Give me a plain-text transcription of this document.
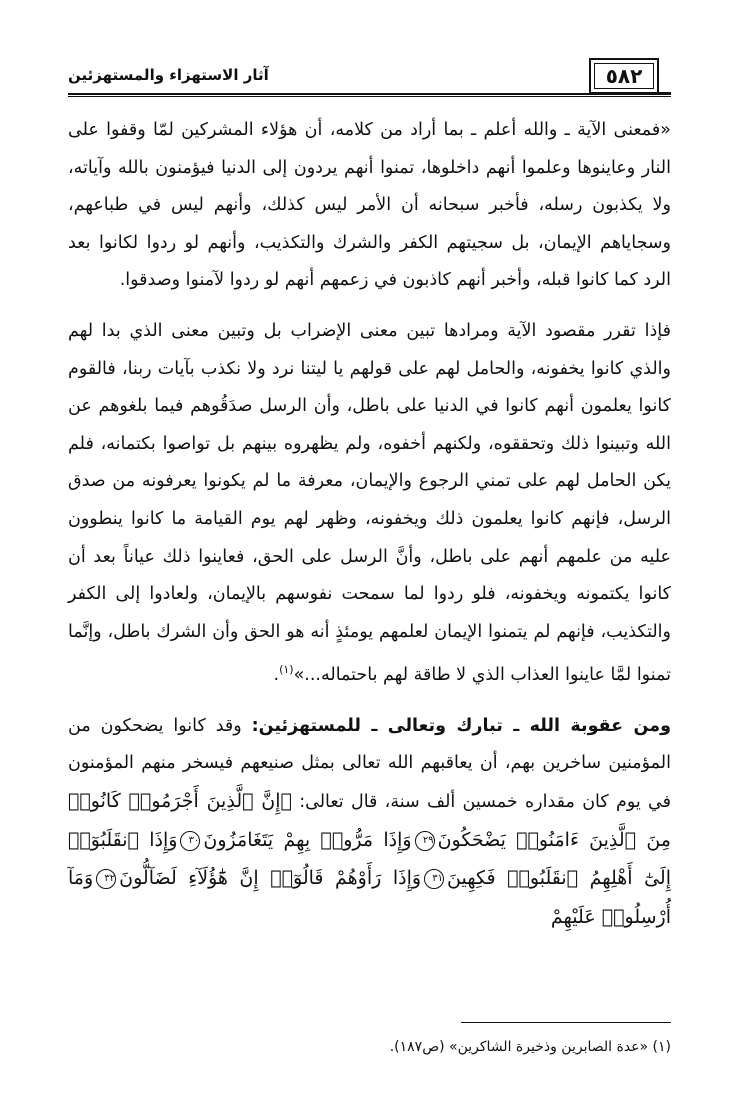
آثار الاستهزاء والمستهزئين	٥٨٢

«فمعنى الآية ـ والله أعلم ـ بما أراد من كلامه، أن هؤلاء المشركين لمّا وقفوا على النار وعاينوها وعلموا أنهم داخلوها، تمنوا أنهم يردون إلى الدنيا فيؤمنون بالله وآياته، ولا يكذبون رسله، فأخبر سبحانه أن الأمر ليس كذلك، وأنهم ليس في طباعهم، وسجاياهم الإيمان، بل سجيتهم الكفر والشرك والتكذيب، وأنهم لو ردوا لكانوا بعد الرد كما كانوا قبله، وأخبر أنهم كاذبون في زعمهم أنهم لو ردوا لآمنوا وصدقوا.

فإذا تقرر مقصود الآية ومرادها تبين معنى الإضراب بل وتبين معنى الذي بدا لهم والذي كانوا يخفونه، والحامل لهم على قولهم يا ليتنا نرد ولا نكذب بآيات ربنا، فالقوم كانوا يعلمون أنهم كانوا في الدنيا على باطل، وأن الرسل صدَقُوهم فيما بلغوهم عن الله وتبينوا ذلك وتحققوه، ولكنهم أخفوه، ولم يظهروه بينهم بل تواصوا بكتمانه، فلم يكن الحامل لهم على تمني الرجوع والإيمان، معرفة ما لم يكونوا يعرفونه من صدق الرسل، فإنهم كانوا يعلمون ذلك ويخفونه، وظهر لهم يوم القيامة ما كانوا ينطوون عليه من علمهم أنهم على باطل، وأنَّ الرسل على الحق، فعاينوا ذلك عياناً بعد أن كانوا يكتمونه ويخفونه، فلو ردوا لما سمحت نفوسهم بالإيمان، ولعادوا إلى الكفر والتكذيب، فإنهم لم يتمنوا الإيمان لعلمهم يومئذٍ أنه هو الحق وأن الشرك باطل، وإنَّما تمنوا لمَّا عاينوا العذاب الذي لا طاقة لهم باحتماله...»$^{(١)}$.

ومن عقوبة الله ـ تبارك وتعالى ـ للمستهزئين: وقد كانوا يضحكون من المؤمنين ساخرين بهم، أن يعاقبهم الله تعالى بمثل صنيعهم فيسخر منهم المؤمنون في يوم كان مقداره خمسين ألف سنة، قال تعالى: ﴿إِنَّ ٱلَّذِينَ أَجْرَمُوا۟ كَانُوا۟ مِنَ ٱلَّذِينَ ءَامَنُوا۟ يَضْحَكُونَ٢٩وَإِذَا مَرُّوا۟ بِهِمْ يَتَغَامَزُونَ٣٠وَإِذَا ٱنقَلَبُوٓا۟ إِلَىٰٓ أَهْلِهِمُ ٱنقَلَبُوا۟ فَكِهِينَ٣١وَإِذَا رَأَوْهُمْ قَالُوٓا۟ إِنَّ هَٰٓؤُلَآءِ لَضَآلُّونَ٣٢وَمَآ أُرْسِلُوا۟ عَلَيْهِمْ

(١) «عدة الصابرين وذخيرة الشاكرين» (ص١٨٧).
